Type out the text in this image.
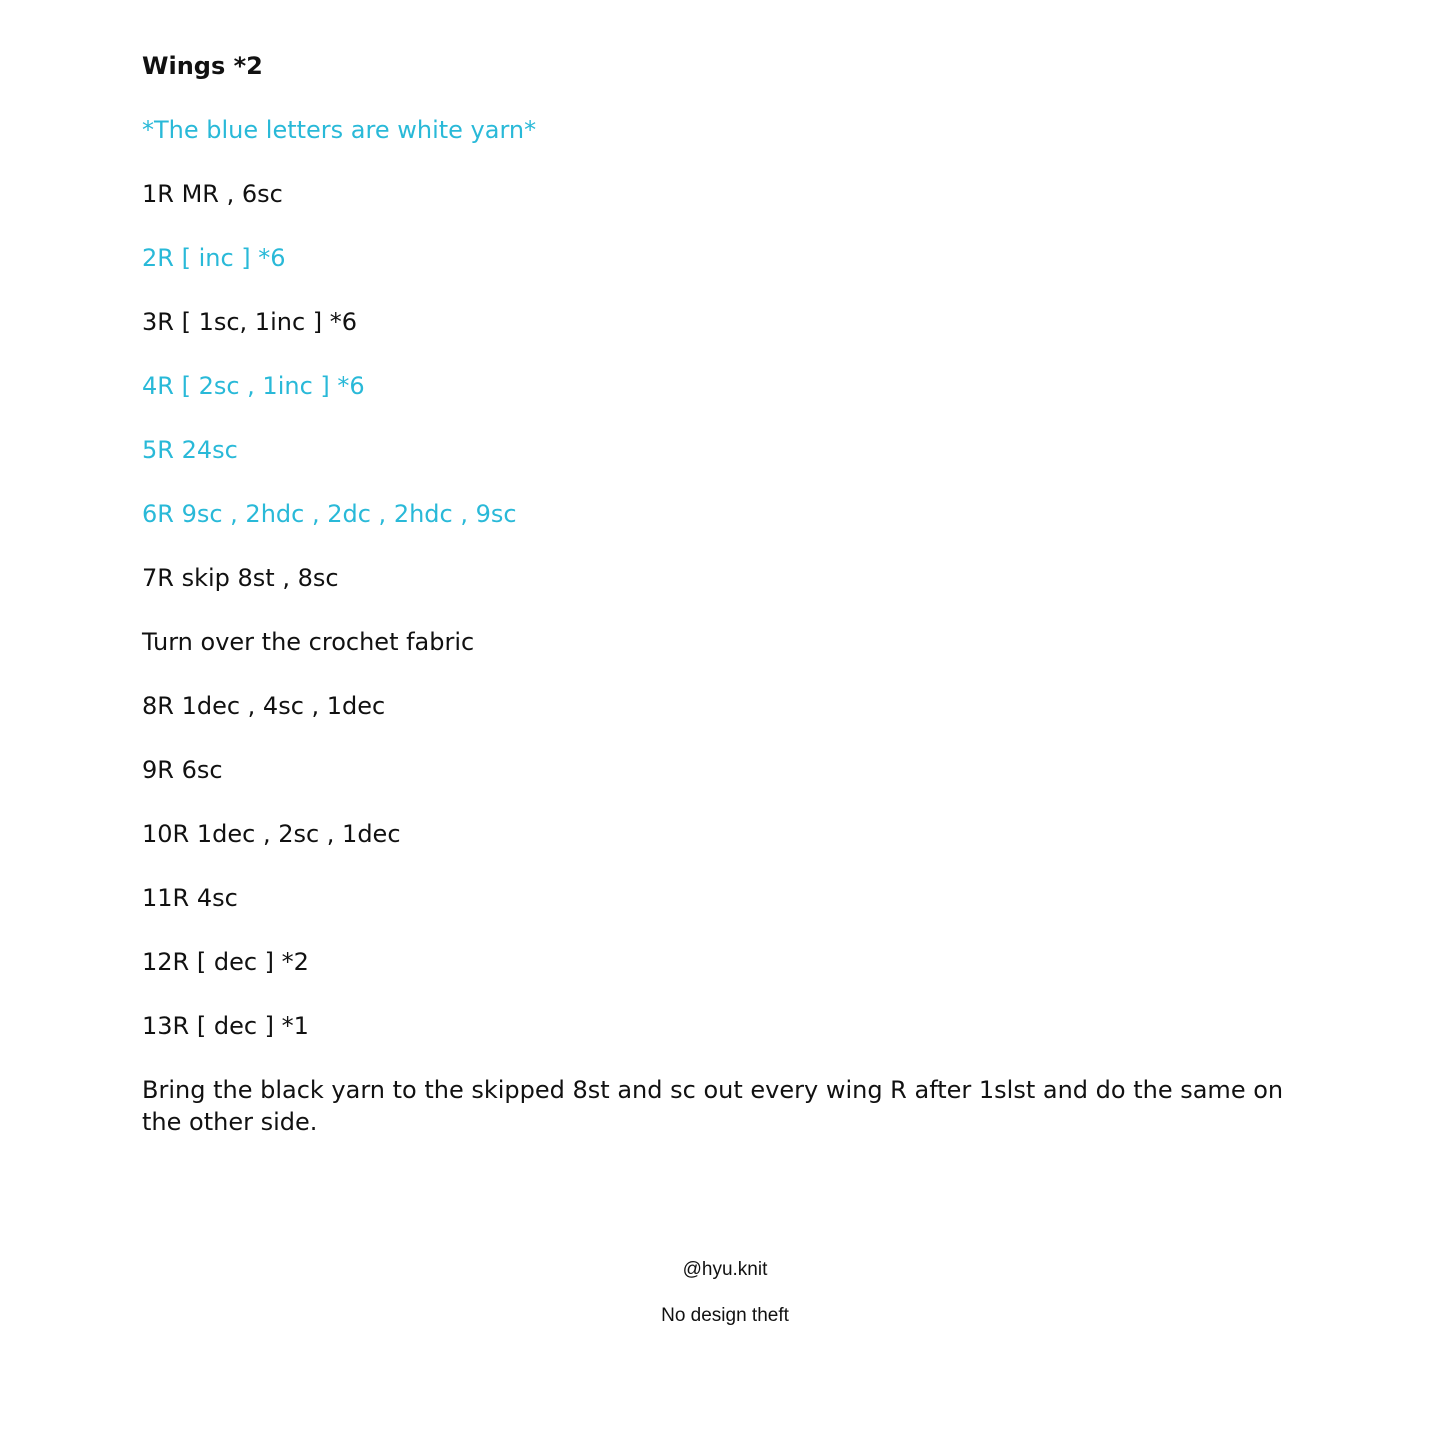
Wings *2
*The blue letters are white yarn*
1R MR , 6sc
2R [ inc ] *6
3R [ 1sc, 1inc ] *6
4R [ 2sc , 1inc ] *6
5R 24sc
6R 9sc , 2hdc , 2dc , 2hdc , 9sc
7R skip 8st , 8sc
Turn over the crochet fabric
8R 1dec , 4sc , 1dec
9R 6sc
10R 1dec , 2sc , 1dec
11R 4sc
12R [ dec ] *2
13R [ dec ] *1
Bring the black yarn to the skipped 8st and sc out every wing R after 1slst and do the same on the other side.
@hyu.knit
No design theft
